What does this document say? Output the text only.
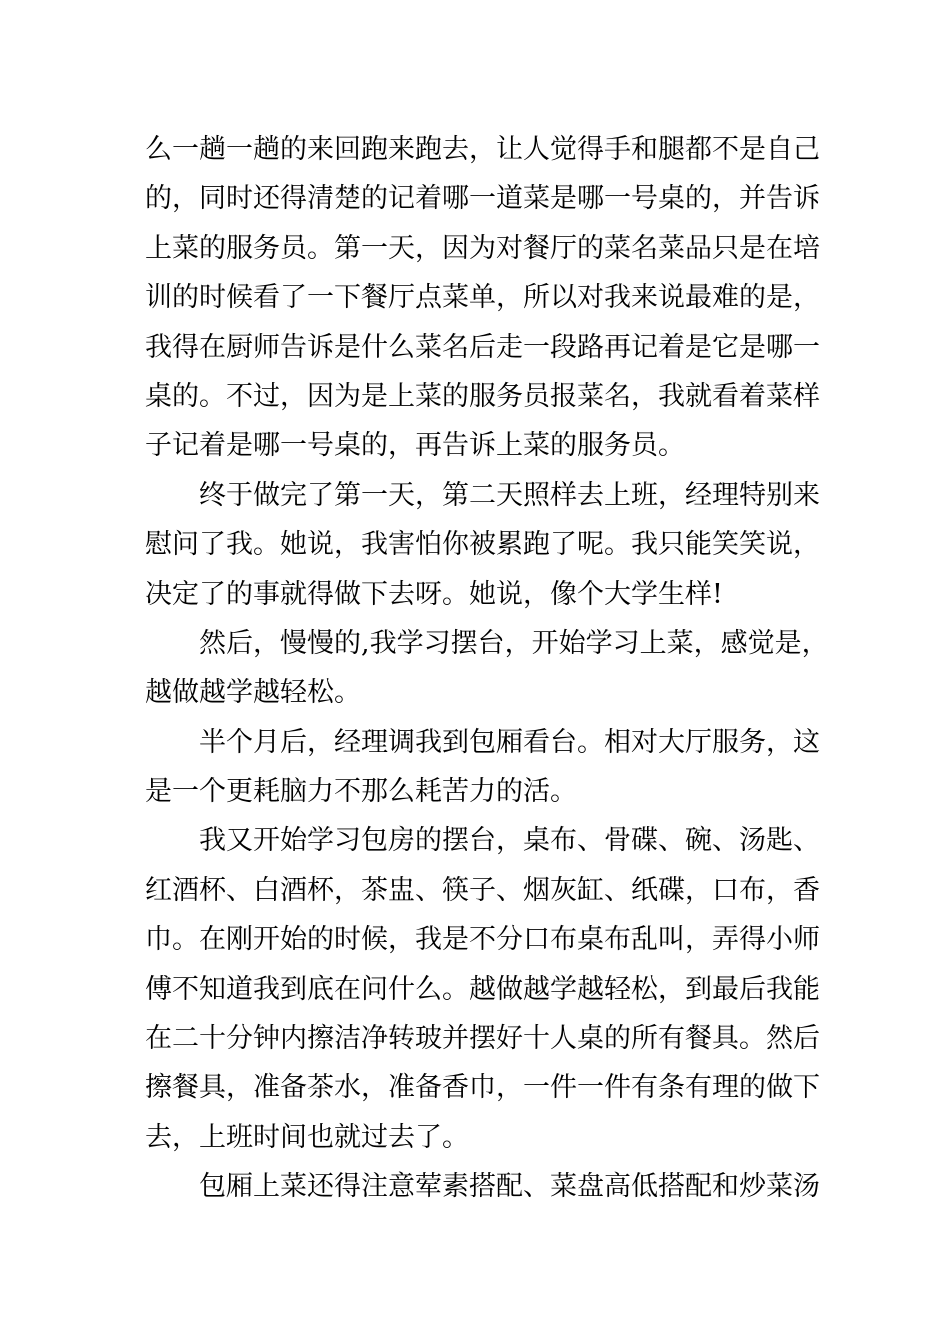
么 一 趟 一 趟 的 来 回 跑 来 跑 去 ， 让 人 觉 得 手 和 腿 都 不 是 自 己
的 ， 同 时 还 得 清 楚 的 记 着 哪 一 道 菜 是 哪 一 号 桌 的 ， 并 告 诉
上 菜 的 服 务 员 。 第 一 天 ， 因 为 对 餐 厅 的 菜 名 菜 品 只 是 在 培
训 的 时 候 看 了 一 下 餐 厅 点 菜 单 ， 所 以 对 我 来 说 最 难 的 是 ，
我 得 在 厨 师 告 诉 是 什 么 菜 名 后 走 一 段 路 再 记 着 是 它 是 哪 一
桌 的 。 不 过 ， 因 为 是 上 菜 的 服 务 员 报 菜 名 ， 我 就 看 着 菜 样
子记着是哪一号桌的，再告诉上菜的服务员。
终 于 做 完 了 第 一 天 ， 第 二 天 照 样 去 上 班 ， 经 理 特 别 来
慰 问 了 我 。 她 说 ， 我 害 怕 你 被 累 跑 了 呢 。 我 只 能 笑 笑 说 ，
决定了的事就得做下去呀。她说，像个大学生样!
然 后 ， 慢 慢 的 , 我 学 习 摆 台 ， 开 始 学 习 上 菜 ， 感 觉 是 ，
越做越学越轻松。
半 个 月 后 ， 经 理 调 我 到 包 厢 看 台 。 相 对 大 厅 服 务 ， 这
是一个更耗脑力不那么耗苦力的活。
我 又 开 始 学 习 包 房 的 摆 台 ， 桌 布 、 骨 碟 、 碗 、 汤 匙 、
红 酒 杯 、 白 酒 杯 ， 茶 盅 、 筷 子 、 烟 灰 缸 、 纸 碟 ， 口 布 ， 香
巾 。 在 刚 开 始 的 时 候 ， 我 是 不 分 口 布 桌 布 乱 叫 ， 弄 得 小 师
傅 不 知 道 我 到 底 在 问 什 么 。 越 做 越 学 越 轻 松 ， 到 最 后 我 能
在 二 十 分 钟 内 擦 洁 净 转 玻 并 摆 好 十 人 桌 的 所 有 餐 具 。 然 后
擦 餐 具 ， 准 备 茶 水 ， 准 备 香 巾 ， 一 件 一 件 有 条 有 理 的 做 下
去，上班时间也就过去了。
包 厢 上 菜 还 得 注 意 荤 素 搭 配 、 菜 盘 高 低 搭 配 和 炒 菜 汤
